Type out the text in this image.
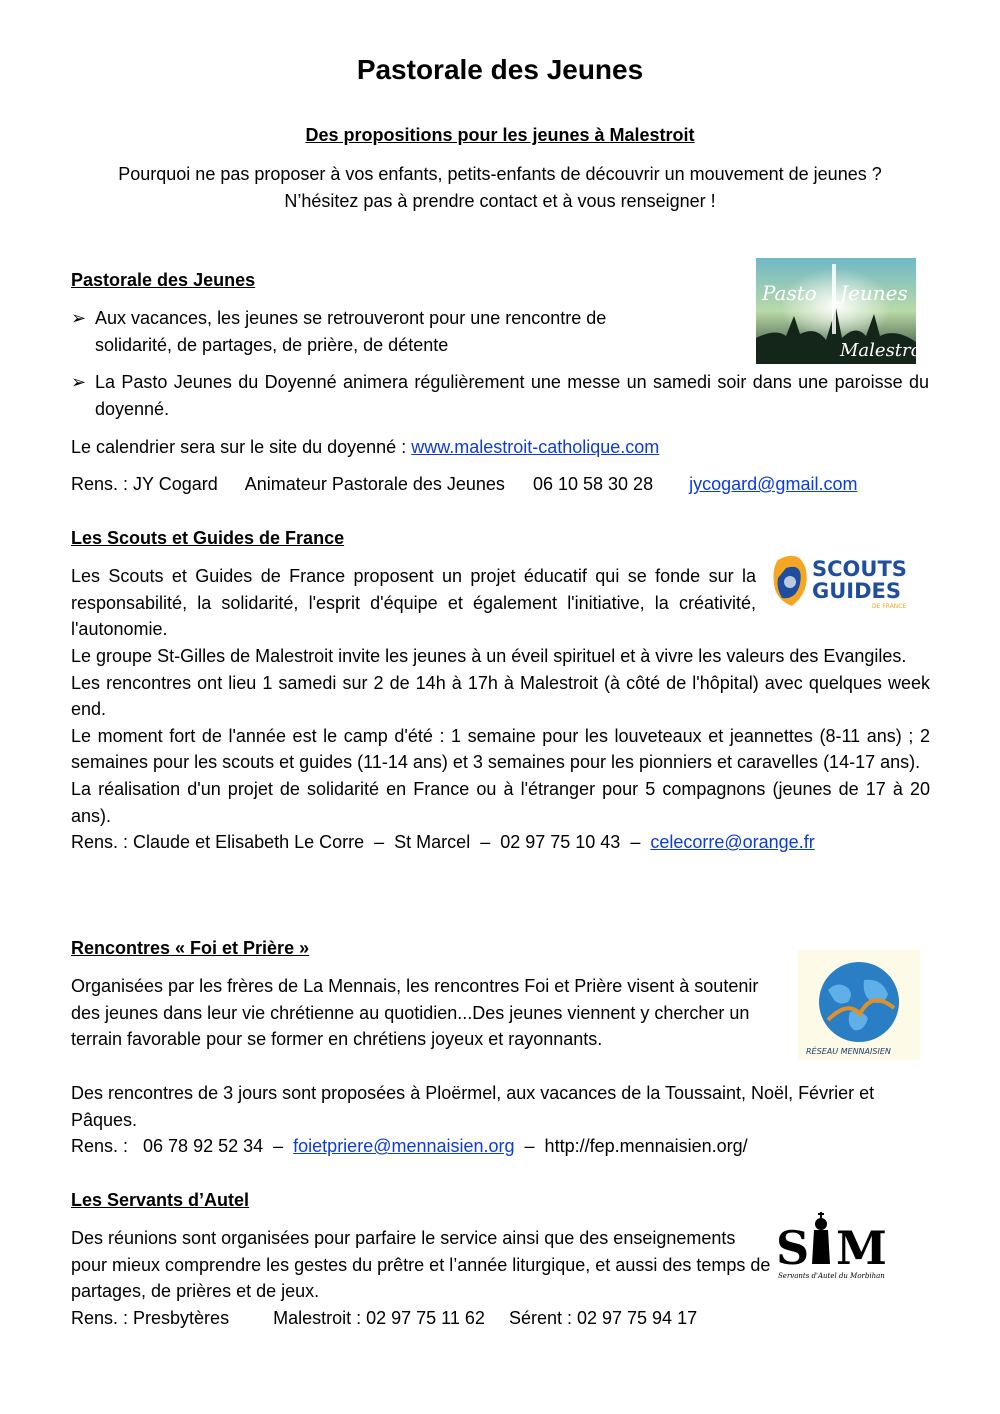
Pastorale des Jeunes
Des propositions pour les jeunes à Malestroit
Pourquoi ne pas proposer à vos enfants, petits-enfants de découvrir un mouvement de jeunes ?
N’hésitez pas à prendre contact et à vous renseigner !
Pastorale des Jeunes
➢ Aux vacances, les jeunes se retrouveront pour une rencontre de solidarité, de partages, de prière, de détente
➢ La Pasto Jeunes du Doyenné animera régulièrement une messe un samedi soir dans une paroisse du doyenné.
Le calendrier sera sur le site du doyenné : www.malestroit-catholique.com
Rens. : JY Cogard Animateur Pastorale des Jeunes 06 10 58 30 28 jycogard@gmail.com
Pasto Jeunes
Malestroit
Les Scouts et Guides de France

Les Scouts et Guides de France proposent un projet éducatif qui se fonde sur la responsabilité, la solidarité, l'esprit d'équipe et également l'initiative, la créativité, l'autonomie.

Le groupe St-Gilles de Malestroit invite les jeunes à un éveil spirituel et à vivre les valeurs des Evangiles.

Les rencontres ont lieu 1 samedi sur 2 de 14h à 17h à Malestroit (à côté de l'hôpital) avec quelques week end.

Le moment fort de l'année est le camp d'été : 1 semaine pour les louveteaux et jeannettes (8-11 ans) ; 2 semaines pour les scouts et guides (11-14 ans) et 3 semaines pour les pionniers et caravelles (14-17 ans).

La réalisation d'un projet de solidarité en France ou à l'étranger pour 5 compagnons (jeunes de 17 à 20 ans).

Rens. : Claude et Elisabeth Le Corre  –  St Marcel  –  02 97 75 10 43  –  celecorre@orange.fr

SCOUTS
GUIDES
DE FRANCE
Rencontres « Foi et Prière »

Organisées par les frères de La Mennais, les rencontres Foi et Prière visent à soutenir des jeunes dans leur vie chrétienne au quotidien...Des jeunes viennent y chercher un terrain favorable pour se former en chrétiens joyeux et rayonnants.

Des rencontres de 3 jours sont proposées à Ploërmel, aux vacances de la Toussaint, Noël, Février et Pâques.

Rens. :   06 78 92 52 34  –  foietpriere@mennaisien.org  –  http://fep.mennaisien.org/

RÉSEAU MENNAISIEN
Les Servants d’Autel

Des réunions sont organisées pour parfaire le service ainsi que des enseignements pour mieux comprendre les gestes du prêtre et l’année liturgique, et aussi des temps de partages, de prières et de jeux.

Rens. : Presbytères Malestroit : 02 97 75 11 62 Sérent : 02 97 75 94 17
S M
Servants d'Autel du Morbihan
